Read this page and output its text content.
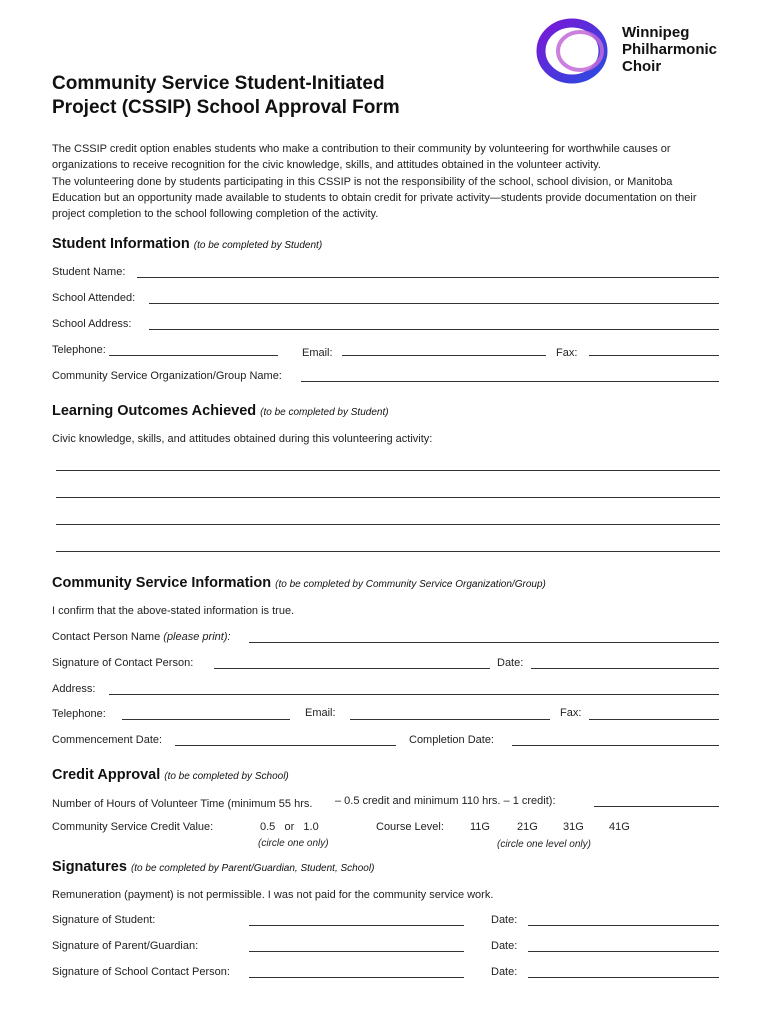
Winnipeg
Philharmonic
Choir
Community Service Student-Initiated
Project (CSSIP) School Approval Form
The CSSIP credit option enables students who make a contribution to their community by volunteering for worthwhile causes or organizations to receive recognition for the civic knowledge, skills, and attitudes obtained in the volunteer activity.
The volunteering done by students participating in this CSSIP is not the responsibility of the school, school division, or Manitoba Education but an opportunity made available to students to obtain credit for private activity—students provide documentation on their project completion to the school following completion of the activity.
Student Information (to be completed by Student)
Student Name:
School Attended:
School Address:
Telephone:	Email:	Fax:
Community Service Organization/Group Name:
Learning Outcomes Achieved (to be completed by Student)
Civic knowledge, skills, and attitudes obtained during this volunteering activity:
Community Service Information (to be completed by Community Service Organization/Group)
I confirm that the above-stated information is true.
Contact Person Name (please print):
Signature of Contact Person:	Date:
Address:
Telephone:	Email:	Fax:
Commencement Date:	Completion Date:
Credit Approval (to be completed by School)
Number of Hours of Volunteer Time (minimum 55 hrs. – 0.5 credit and minimum 110 hrs. – 1 credit):
Community Service Credit Value:	0.5   or   1.0
(circle one only)
Course Level: 11G 21G 31G 41G
(circle one level only)
Signatures (to be completed by Parent/Guardian, Student, School)
Remuneration (payment) is not permissible. I was not paid for the community service work.
Signature of Student:	Date:
Signature of Parent/Guardian:	Date:
Signature of School Contact Person:	Date:
